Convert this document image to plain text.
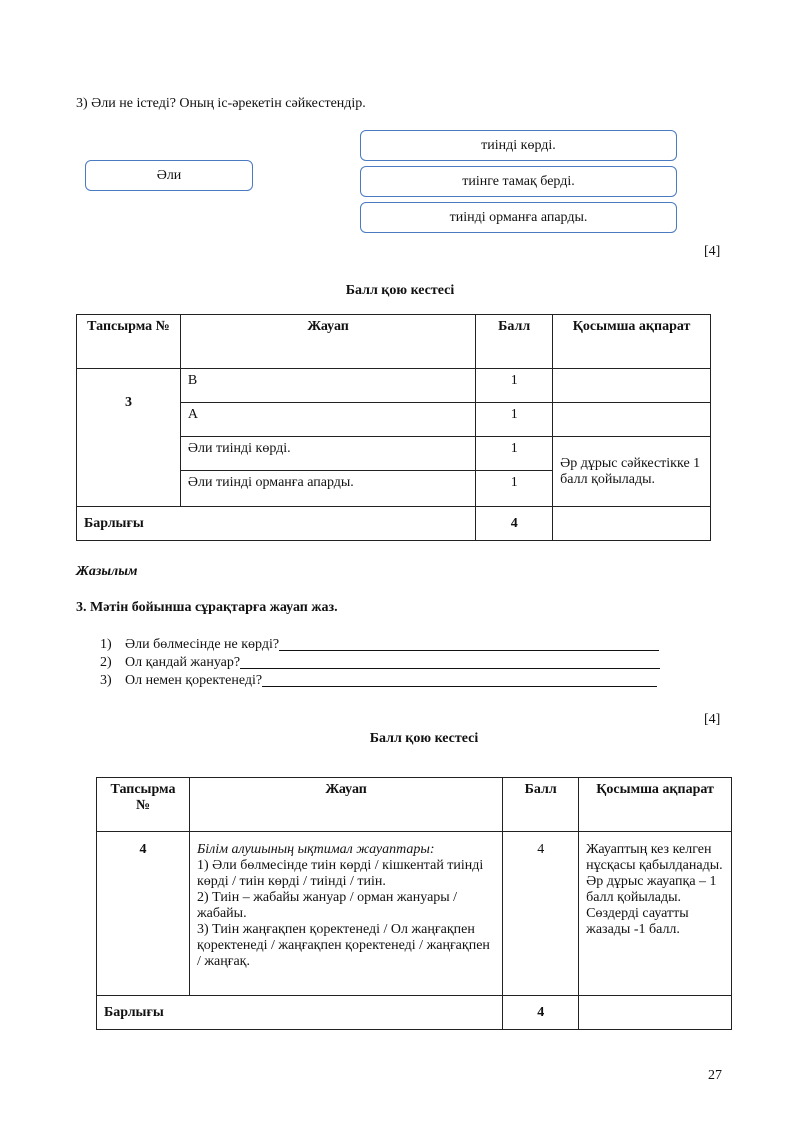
3) Әли не істеді? Оның іс-әрекетін сәйкестендір.
Әли
тиінді көрді.
тиінге тамақ берді.
тиінді орманға апарды.
[4]
Балл қою кестесі
Тапсырма №	Жауап	Балл	Қосымша ақпарат
3	B	1	
	A	1	
	Әли тиінді көрді.	1	Әр дұрыс сәйкестікке 1 балл қойылады.
	Әли тиінді орманға апарды.	1	
Барлығы		4	
Жазылым
3. Мәтін бойынша сұрақтарға жауап жаз.
1) Әли бөлмесінде не көрді?
2) Ол қандай жануар?
3) Ол немен қоректенеді?
[4]
Балл қою кестесі
Тапсырма №	Жауап	Балл	Қосымша ақпарат
4	Білім алушының ықтимал жауаптары:
1) Әли бөлмесінде тиін көрді / кішкентай тиінді көрді / тиін көрді / тиінді / тиін.
2) Тиін – жабайы жануар / орман жануары / жабайы.
3) Тиін жаңғақпен қоректенеді / Ол жаңғақпен қоректенеді / жаңғақпен қоректенеді / жаңғақпен / жаңғақ.	4	Жауаптың кез келген нұсқасы қабылданады. Әр дұрыс жауапқа – 1 балл қойылады. Сөздерді сауатты жазады -1 балл.
Барлығы		4	
27
